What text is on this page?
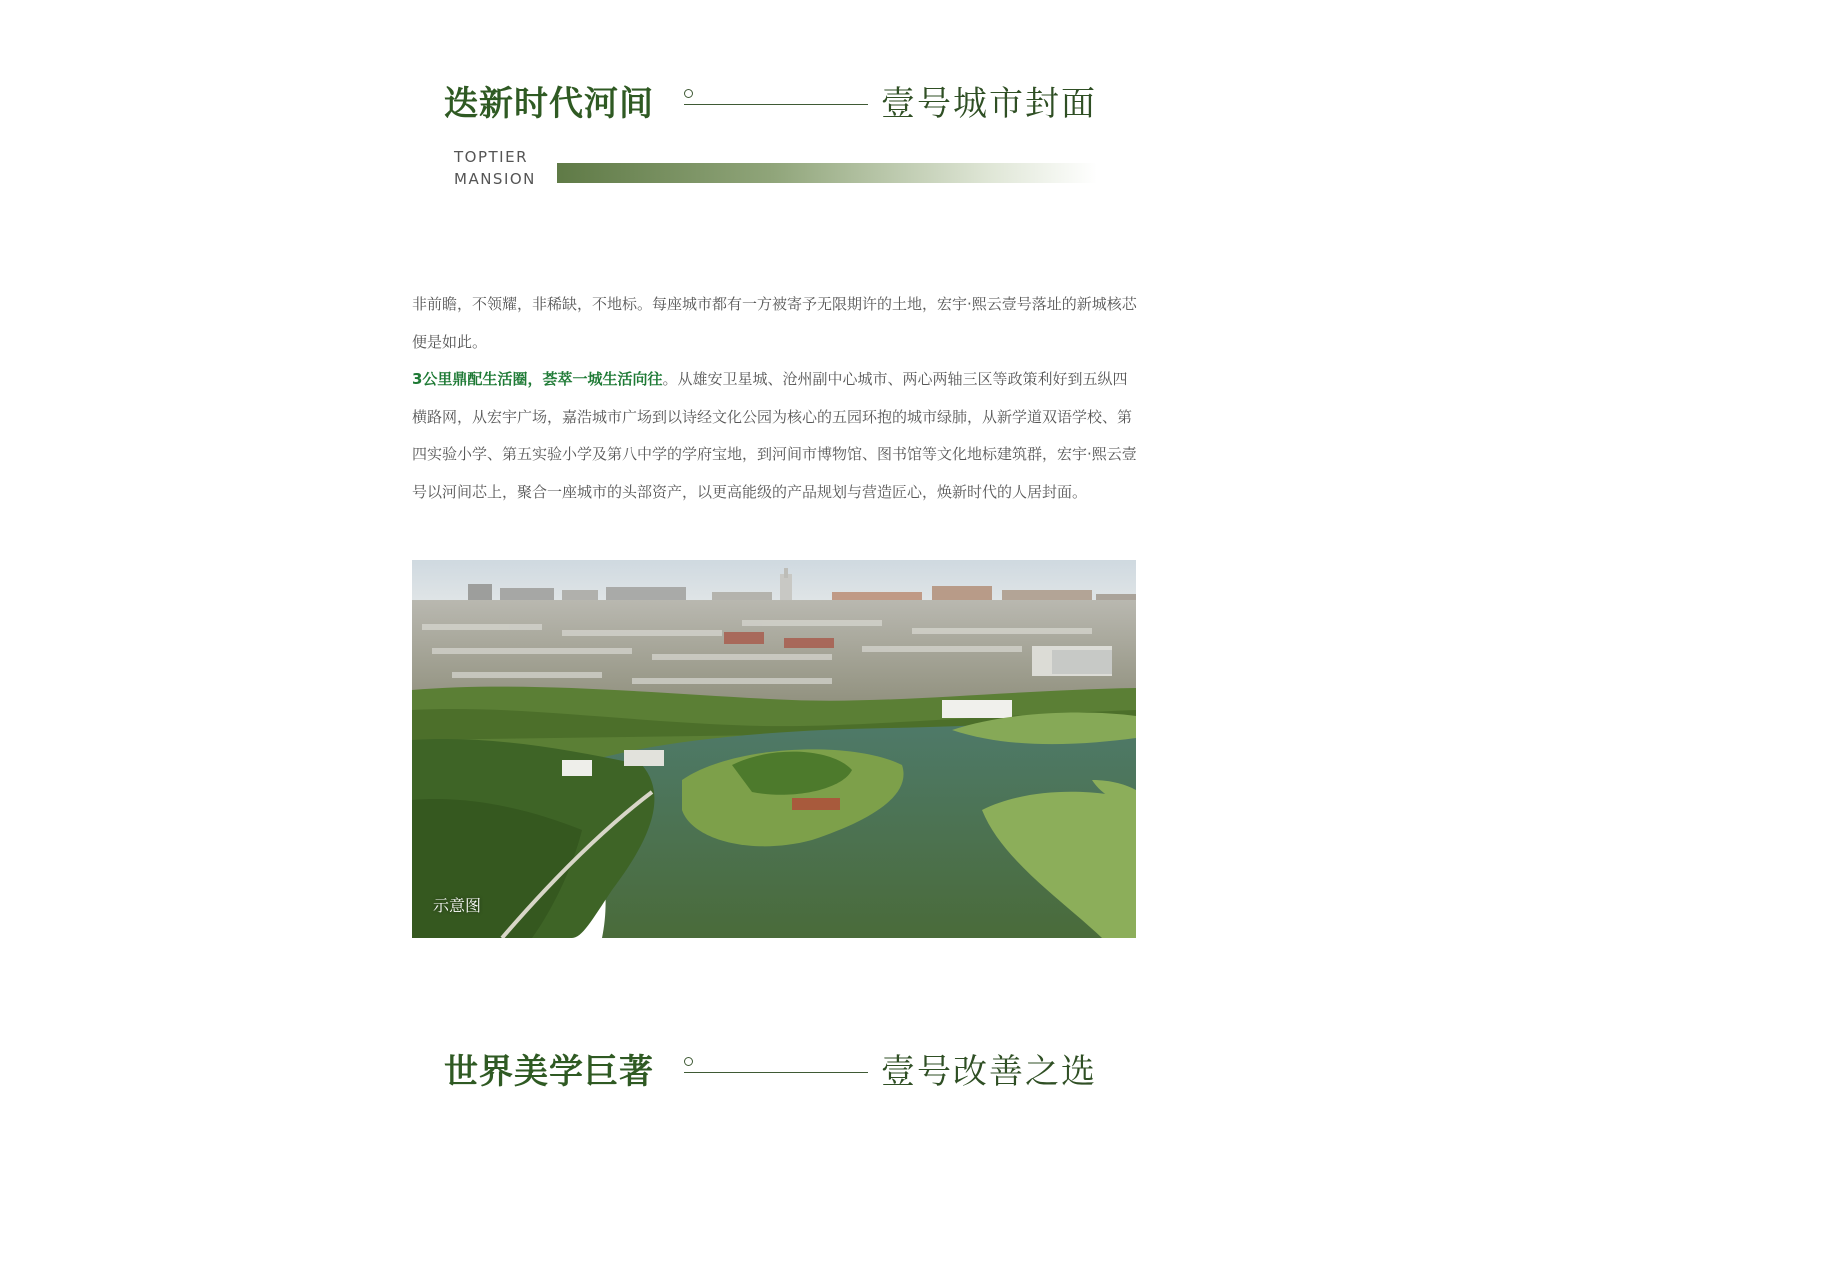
迭新时代河间	壹号城市封面
TOPTIER
MANSION

非前瞻，不领耀，非稀缺，不地标。每座城市都有一方被寄予无限期许的土地，宏宇·熙云壹号落址的新城核芯便是如此。

3公里鼎配生活圈，荟萃一城生活向往。从雄安卫星城、沧州副中心城市、两心两轴三区等政策利好到五纵四横路网，从宏宇广场，嘉浩城市广场到以诗经文化公园为核心的五园环抱的城市绿肺，从新学道双语学校、第四实验小学、第五实验小学及第八中学的学府宝地，到河间市博物馆、图书馆等文化地标建筑群，宏宇·熙云壹号以河间芯上，聚合一座城市的头部资产，以更高能级的产品规划与营造匠心，焕新时代的人居封面。

示意图
世界美学巨著	壹号改善之选
